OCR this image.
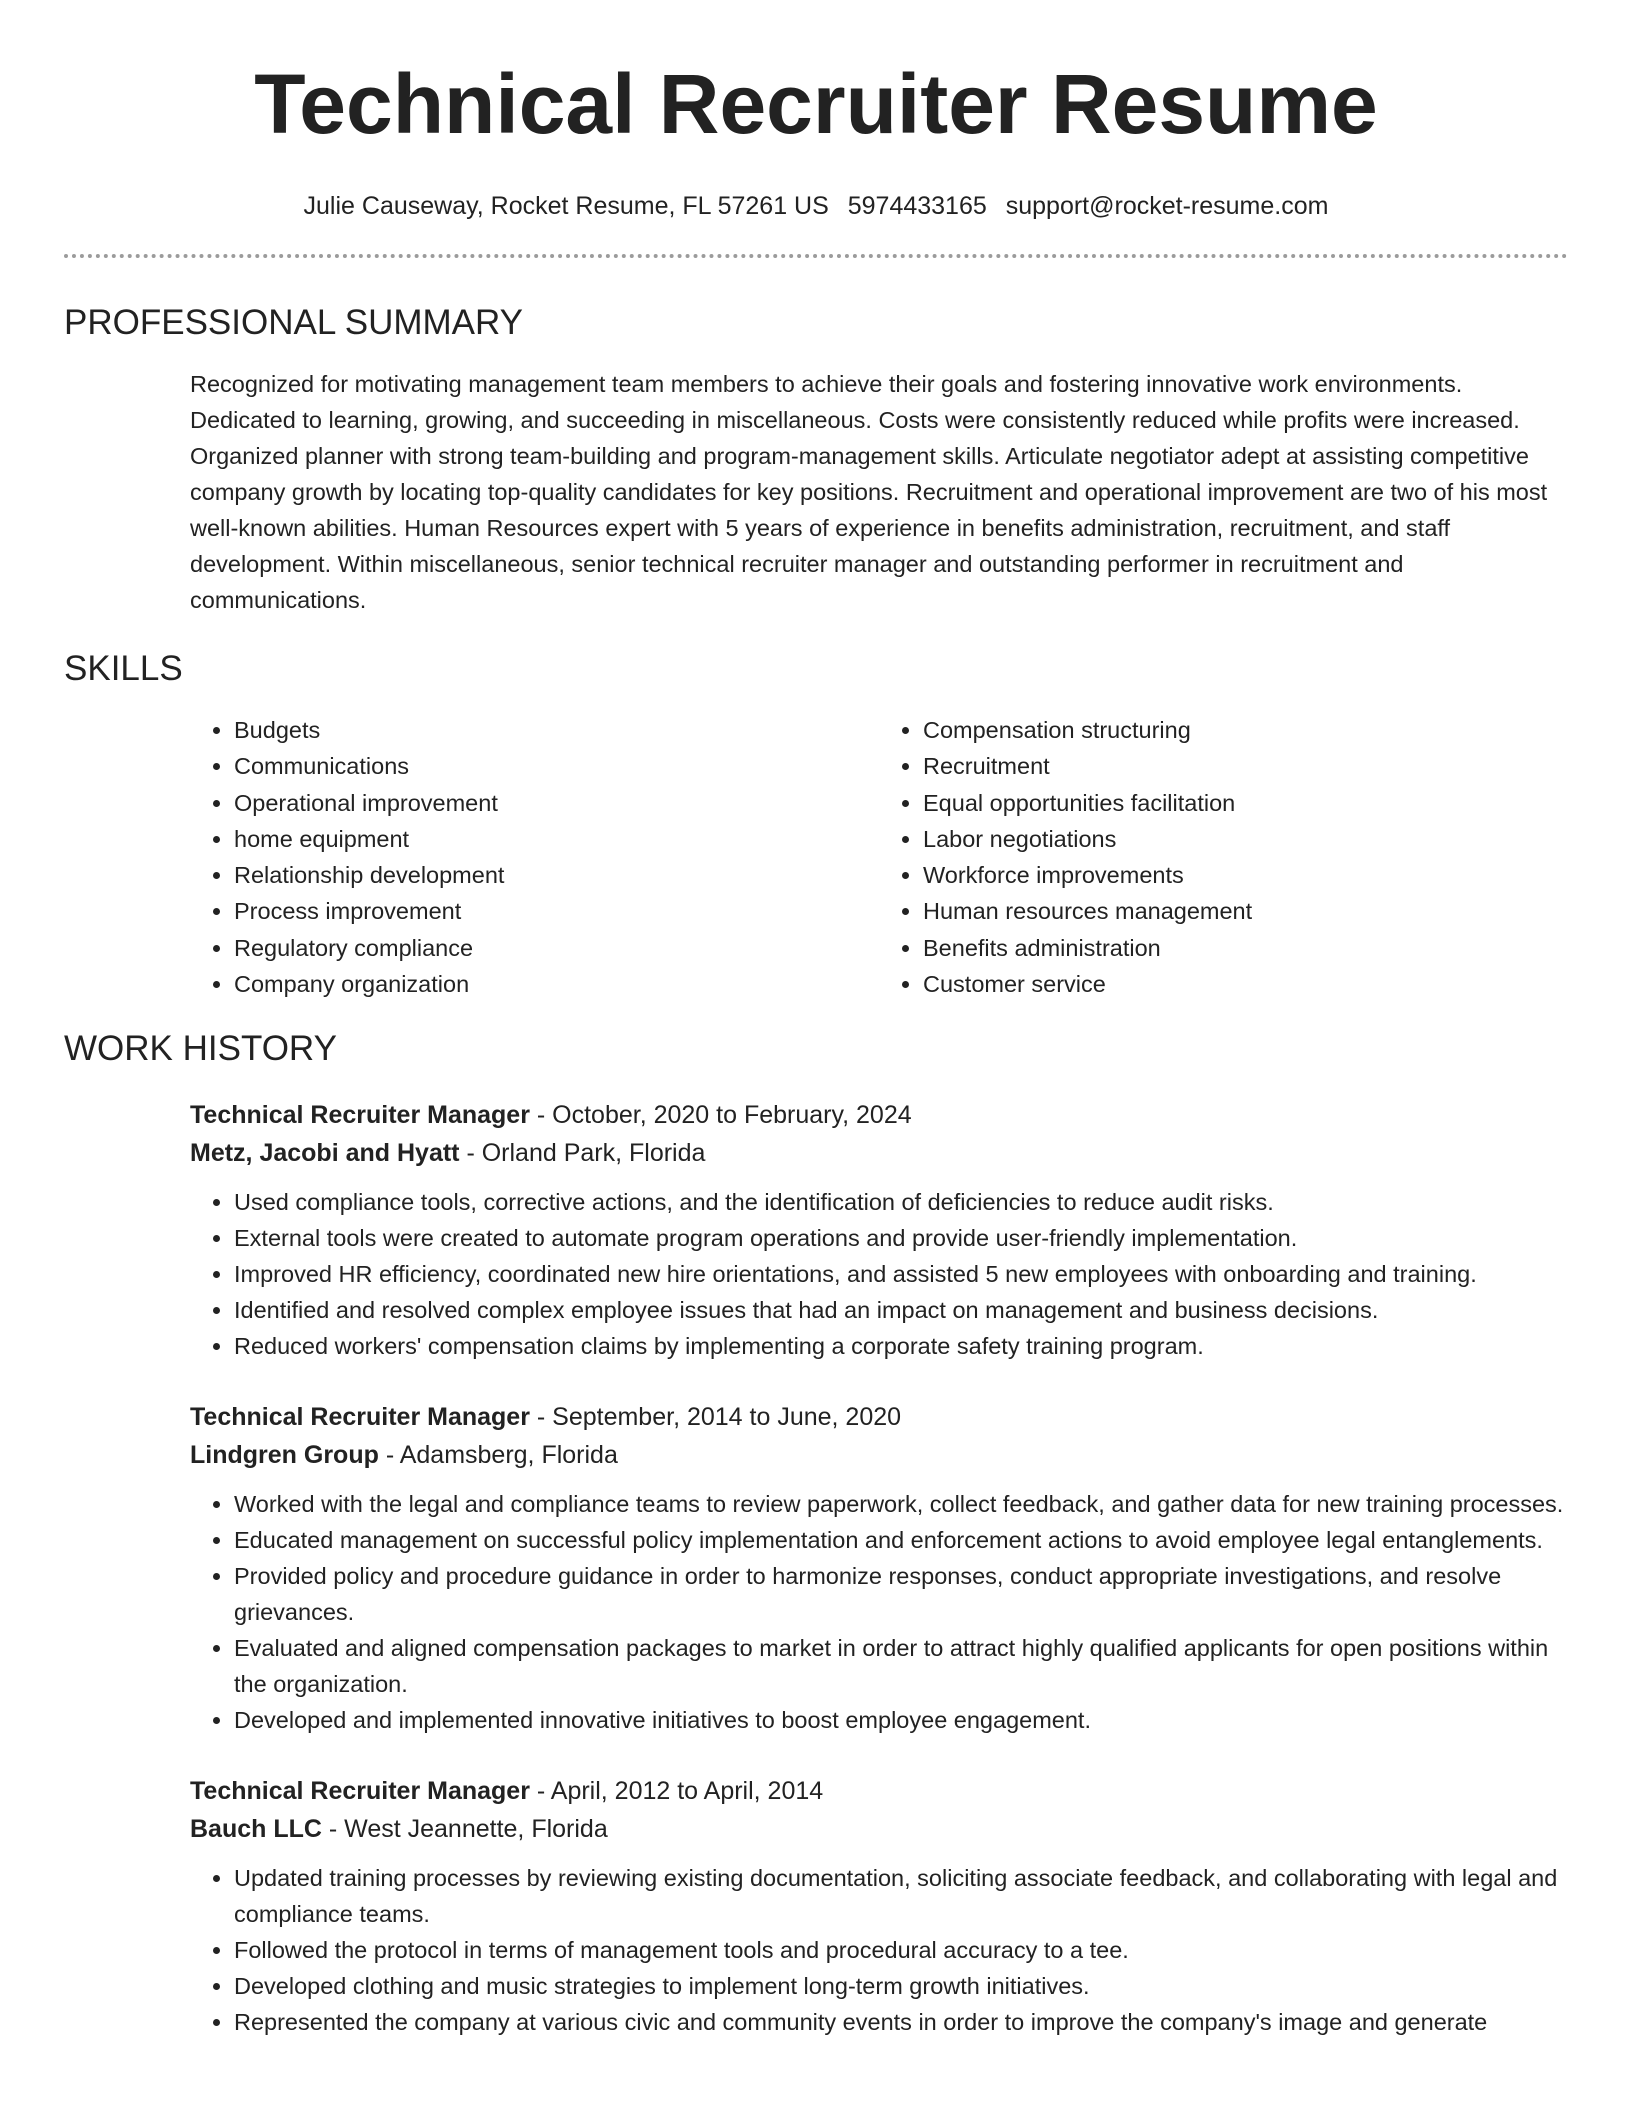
Technical Recruiter Resume
Julie Causeway, Rocket Resume, FL 57261 US 5974433165 support@rocket-resume.com
PROFESSIONAL SUMMARY

Recognized for motivating management team members to achieve their goals and fostering innovative work environments. Dedicated to learning, growing, and succeeding in miscellaneous. Costs were consistently reduced while profits were increased. Organized planner with strong team-building and program-management skills. Articulate negotiator adept at assisting competitive company growth by locating top-quality candidates for key positions. Recruitment and operational improvement are two of his most well-known abilities. Human Resources expert with 5 years of experience in benefits administration, recruitment, and staff development. Within miscellaneous, senior technical recruiter manager and outstanding performer in recruitment and communications.

SKILLS
• Budgets
• Communications
• Operational improvement
• home equipment
• Relationship development
• Process improvement
• Regulatory compliance
• Company organization
• Compensation structuring
• Recruitment
• Equal opportunities facilitation
• Labor negotiations
• Workforce improvements
• Human resources management
• Benefits administration
• Customer service
WORK HISTORY
Technical Recruiter Manager - October, 2020 to February, 2024
Metz, Jacobi and Hyatt - Orland Park, Florida
• Used compliance tools, corrective actions, and the identification of deficiencies to reduce audit risks.
• External tools were created to automate program operations and provide user-friendly implementation.
• Improved HR efficiency, coordinated new hire orientations, and assisted 5 new employees with onboarding and training.
• Identified and resolved complex employee issues that had an impact on management and business decisions.
• Reduced workers' compensation claims by implementing a corporate safety training program.
Technical Recruiter Manager - September, 2014 to June, 2020
Lindgren Group - Adamsberg, Florida
• Worked with the legal and compliance teams to review paperwork, collect feedback, and gather data for new training processes.
• Educated management on successful policy implementation and enforcement actions to avoid employee legal entanglements.
• Provided policy and procedure guidance in order to harmonize responses, conduct appropriate investigations, and resolve grievances.
• Evaluated and aligned compensation packages to market in order to attract highly qualified applicants for open positions within the organization.
• Developed and implemented innovative initiatives to boost employee engagement.
Technical Recruiter Manager - April, 2012 to April, 2014
Bauch LLC - West Jeannette, Florida
• Updated training processes by reviewing existing documentation, soliciting associate feedback, and collaborating with legal and compliance teams.
• Followed the protocol in terms of management tools and procedural accuracy to a tee.
• Developed clothing and music strategies to implement long-term growth initiatives.
• Represented the company at various civic and community events in order to improve the company's image and generate
